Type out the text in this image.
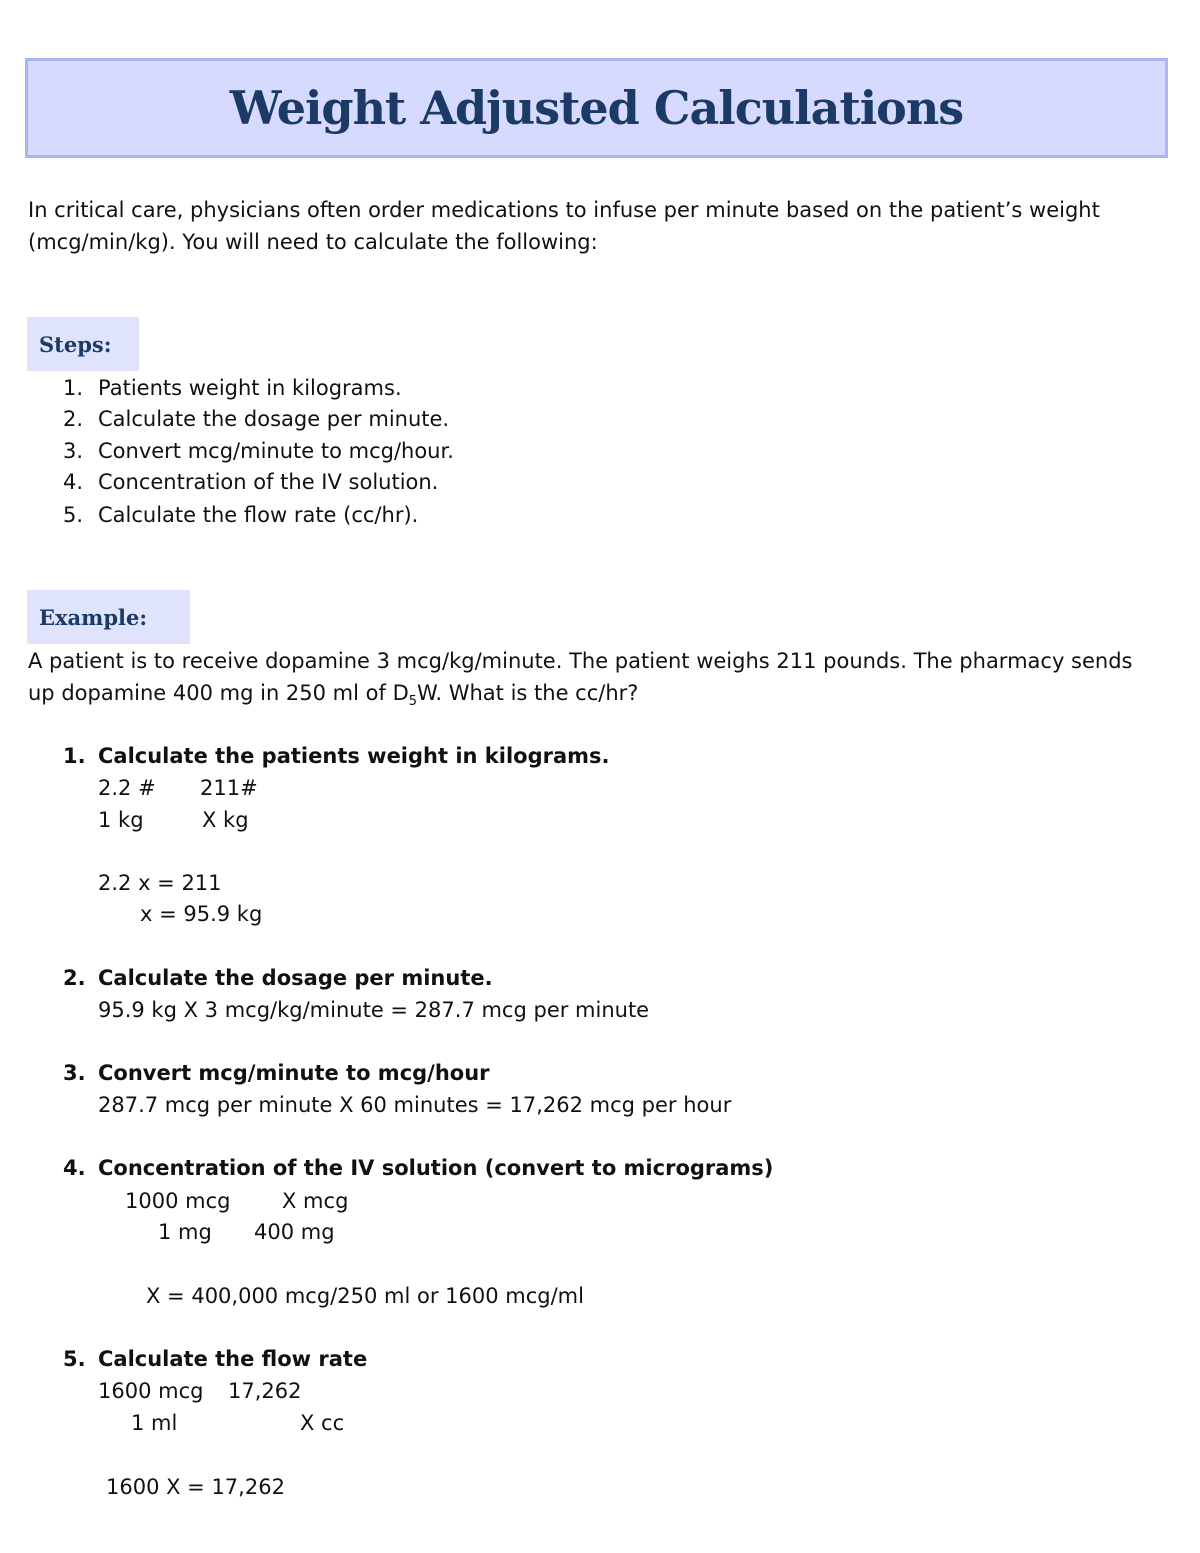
Weight Adjusted Calculations
In critical care, physicians often order medications to infuse per minute based on the patient’s weight
(mcg/min/kg). You will need to calculate the following:
Steps:
1. Patients weight in kilograms.
2. Calculate the dosage per minute.
3. Convert mcg/minute to mcg/hour.
4. Concentration of the IV solution.
5. Calculate the flow rate (cc/hr).
Example:
A patient is to receive dopamine 3 mcg/kg/minute. The patient weighs 211 pounds. The pharmacy sends
up dopamine 400 mg in 250 ml of $D_5W$. What is the cc/hr?
1. Calculate the patients weight in kilograms.
2.2 # 211#
1 kg	X kg
2.2 x = 211
x = 95.9 kg
2. Calculate the dosage per minute.
95.9 kg X 3 mcg/kg/minute = 287.7 mcg per minute
3. Convert mcg/minute to mcg/hour
287.7 mcg per minute X 60 minutes = 17,262 mcg per hour
4. Concentration of the IV solution (convert to micrograms)
1000 mcg X mcg
1 mg 400 mg
X = 400,000 mcg/250 ml or 1600 mcg/ml
5. Calculate the flow rate
1600 mcg 17,262
1 ml	X cc
1600 X = 17,262
